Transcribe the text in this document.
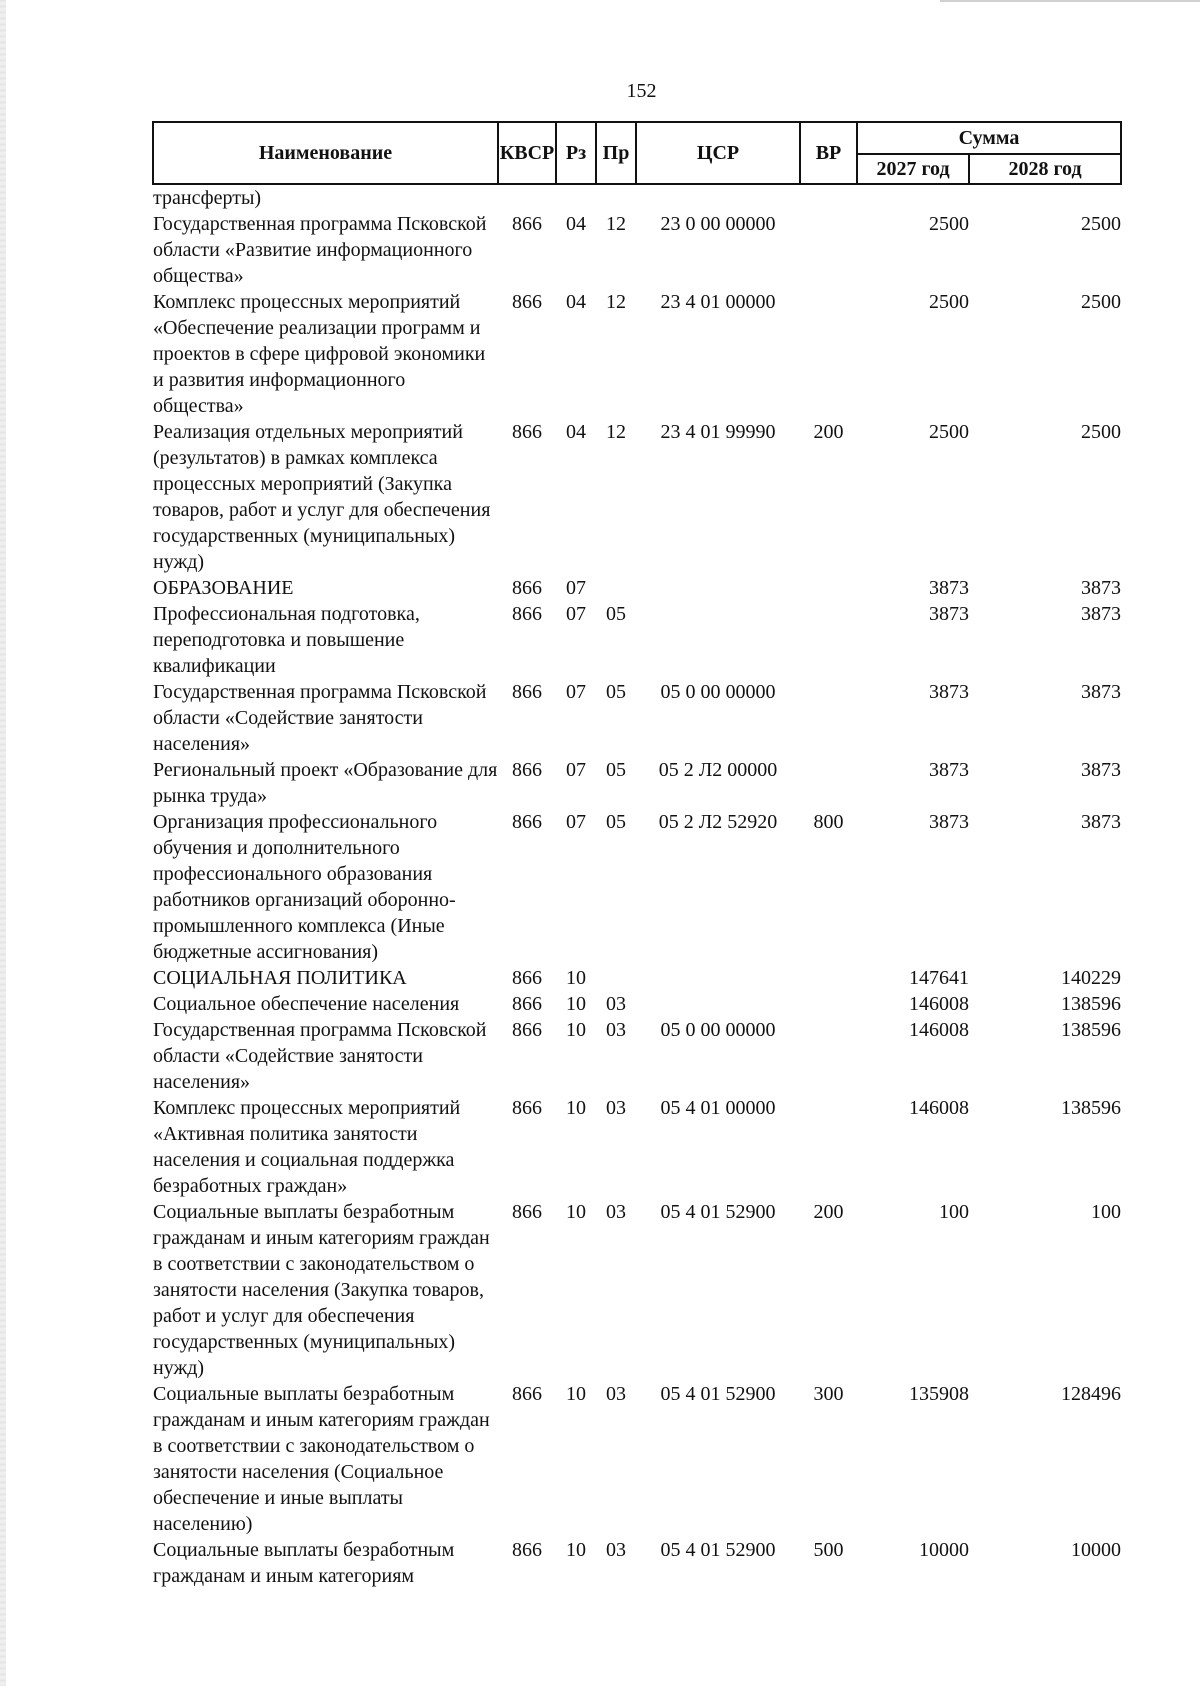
152
Наименование	КВСР	Рз	Пр	ЦСР	ВР	Сумма	
						2027 год	2028 год
трансферты)							
Государственная программа Псковской области «Развитие информационного общества»	866	04	12	23 0 00 00000		2500	2500
Комплекс процессных мероприятий «Обеспечение реализации программ и проектов в сфере цифровой экономики и развития информационного общества»	866	04	12	23 4 01 00000		2500	2500
Реализация отдельных мероприятий (результатов) в рамках комплекса процессных мероприятий (Закупка товаров, работ и услуг для обеспечения государственных (муниципальных) нужд)	866	04	12	23 4 01 99990	200	2500	2500
ОБРАЗОВАНИЕ	866	07				3873	3873
Профессиональная подготовка, переподготовка и повышение квалификации	866	07	05			3873	3873
Государственная программа Псковской области «Содействие занятости населения»	866	07	05	05 0 00 00000		3873	3873
Региональный проект «Образование для рынка труда»	866	07	05	05 2 Л2 00000		3873	3873
Организация профессионального обучения и дополнительного профессионального образования работников организаций оборонно-промышленного комплекса (Иные бюджетные ассигнования)	866	07	05	05 2 Л2 52920	800	3873	3873
СОЦИАЛЬНАЯ ПОЛИТИКА	866	10				147641	140229
Социальное обеспечение населения	866	10	03			146008	138596
Государственная программа Псковской области «Содействие занятости населения»	866	10	03	05 0 00 00000		146008	138596
Комплекс процессных мероприятий «Активная политика занятости населения и социальная поддержка безработных граждан»	866	10	03	05 4 01 00000		146008	138596
Социальные выплаты безработным гражданам и иным категориям граждан в соответствии с законодательством о занятости населения (Закупка товаров, работ и услуг для обеспечения государственных (муниципальных) нужд)	866	10	03	05 4 01 52900	200	100	100
Социальные выплаты безработным гражданам и иным категориям граждан в соответствии с законодательством о занятости населения (Социальное обеспечение и иные выплаты населению)	866	10	03	05 4 01 52900	300	135908	128496
Социальные выплаты безработным гражданам и иным категориям	866	10	03	05 4 01 52900	500	10000	10000
